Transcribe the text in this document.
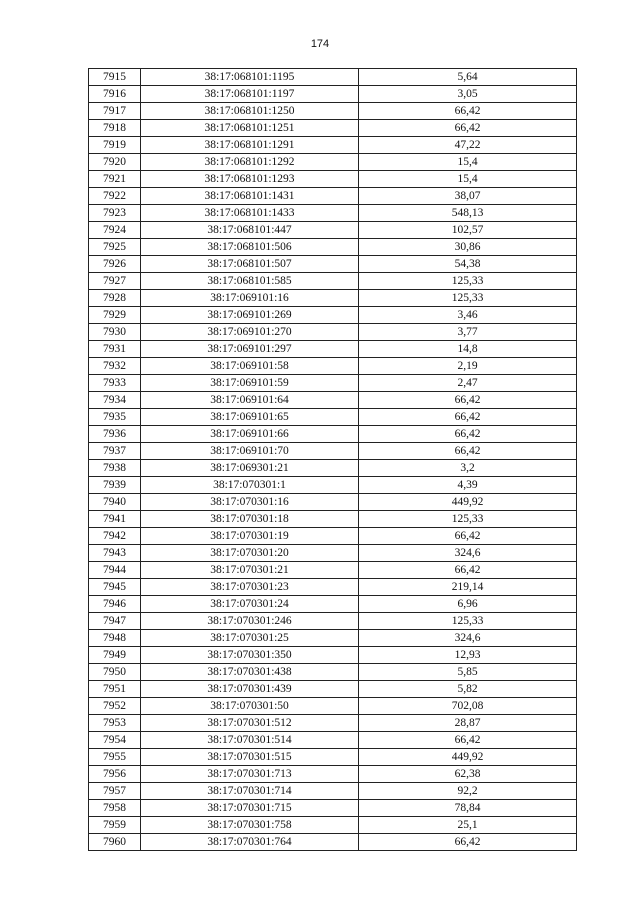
174
7915	38:17:068101:1195	5,64
7916	38:17:068101:1197	3,05
7917	38:17:068101:1250	66,42
7918	38:17:068101:1251	66,42
7919	38:17:068101:1291	47,22
7920	38:17:068101:1292	15,4
7921	38:17:068101:1293	15,4
7922	38:17:068101:1431	38,07
7923	38:17:068101:1433	548,13
7924	38:17:068101:447	102,57
7925	38:17:068101:506	30,86
7926	38:17:068101:507	54,38
7927	38:17:068101:585	125,33
7928	38:17:069101:16	125,33
7929	38:17:069101:269	3,46
7930	38:17:069101:270	3,77
7931	38:17:069101:297	14,8
7932	38:17:069101:58	2,19
7933	38:17:069101:59	2,47
7934	38:17:069101:64	66,42
7935	38:17:069101:65	66,42
7936	38:17:069101:66	66,42
7937	38:17:069101:70	66,42
7938	38:17:069301:21	3,2
7939	38:17:070301:1	4,39
7940	38:17:070301:16	449,92
7941	38:17:070301:18	125,33
7942	38:17:070301:19	66,42
7943	38:17:070301:20	324,6
7944	38:17:070301:21	66,42
7945	38:17:070301:23	219,14
7946	38:17:070301:24	6,96
7947	38:17:070301:246	125,33
7948	38:17:070301:25	324,6
7949	38:17:070301:350	12,93
7950	38:17:070301:438	5,85
7951	38:17:070301:439	5,82
7952	38:17:070301:50	702,08
7953	38:17:070301:512	28,87
7954	38:17:070301:514	66,42
7955	38:17:070301:515	449,92
7956	38:17:070301:713	62,38
7957	38:17:070301:714	92,2
7958	38:17:070301:715	78,84
7959	38:17:070301:758	25,1
7960	38:17:070301:764	66,42
